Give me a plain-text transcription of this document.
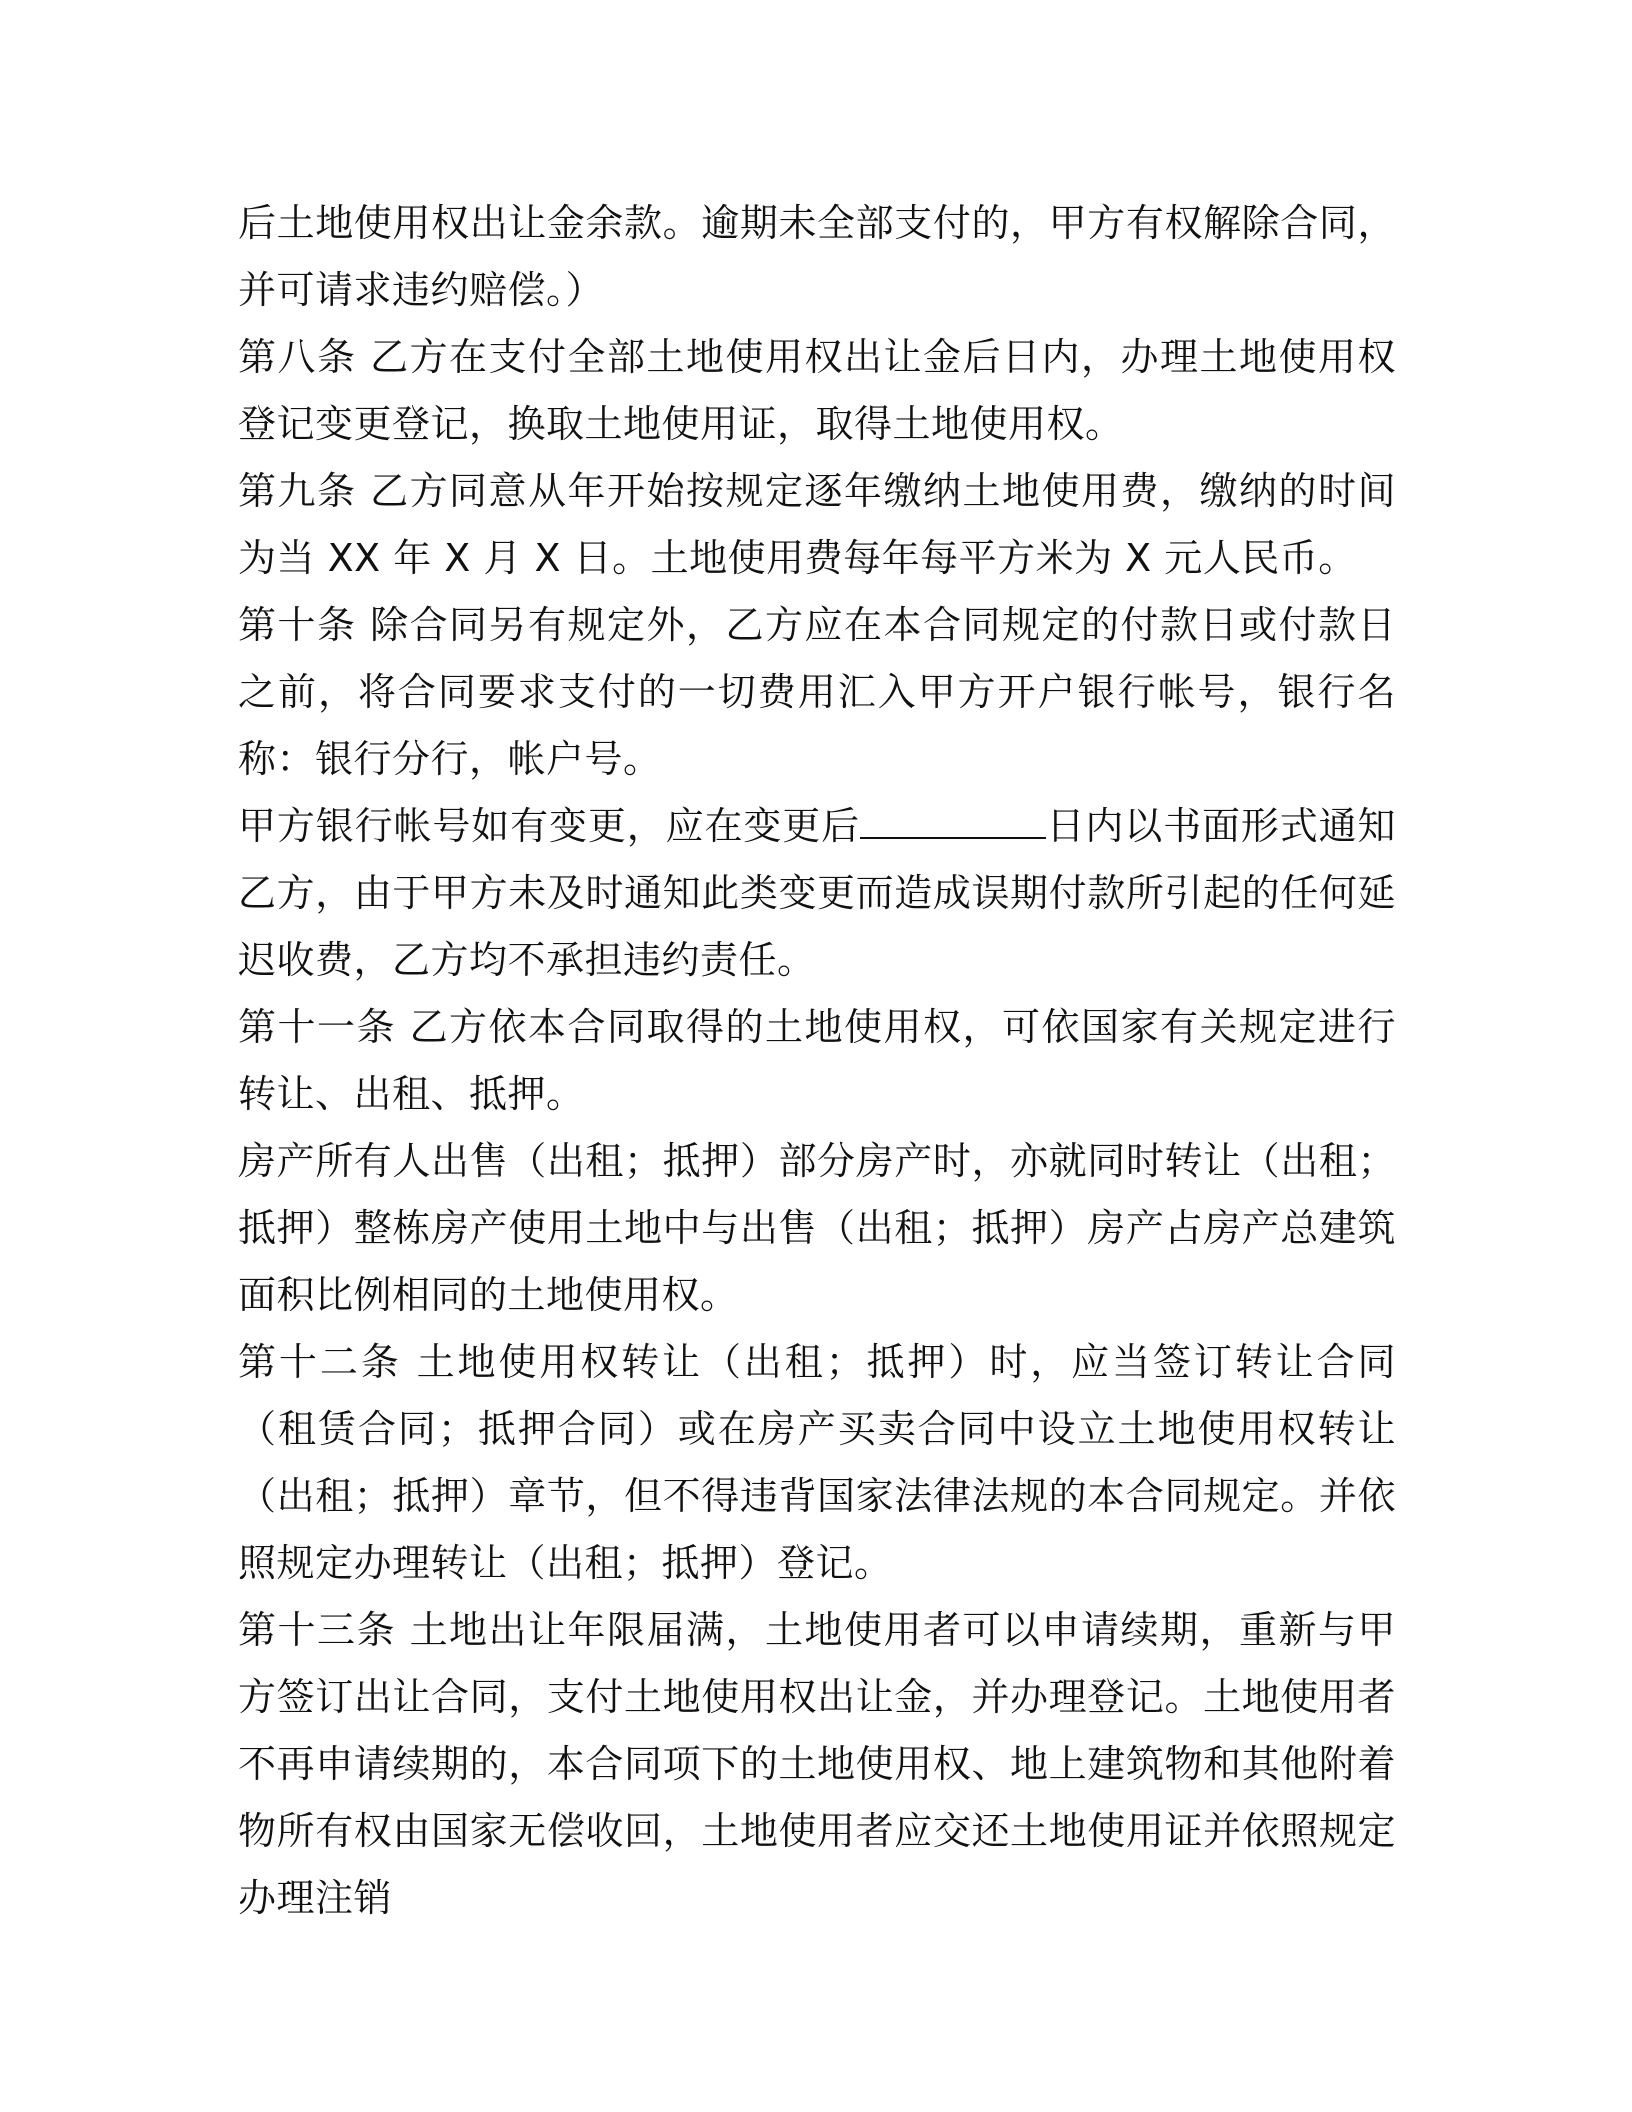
后土地使用权出让金余款。逾期未全部支付的，甲方有权解除合同，并可请求违约赔偿。）

第八条 乙方在支付全部土地使用权出让金后日内，办理土地使用权登记变更登记，换取土地使用证，取得土地使用权。

第九条 乙方同意从年开始按规定逐年缴纳土地使用费，缴纳的时间为当 XX 年 X 月 X 日。土地使用费每年每平方米为 X 元人民币。

第十条 除合同另有规定外，乙方应在本合同规定的付款日或付款日之前，将合同要求支付的一切费用汇入甲方开户银行帐号，银行名称：银行分行，帐户号。

甲方银行帐号如有变更，应在变更后	日内以书面形式通知乙方，由于甲方未及时通知此类变更而造成误期付款所引起的任何延迟收费，乙方均不承担违约责任。

第十一条 乙方依本合同取得的土地使用权，可依国家有关规定进行转让、出租、抵押。

房产所有人出售（出租；抵押）部分房产时，亦就同时转让（出租；抵押）整栋房产使用土地中与出售（出租；抵押）房产占房产总建筑面积比例相同的土地使用权。

第十二条 土地使用权转让（出租；抵押）时，应当签订转让合同（租赁合同；抵押合同）或在房产买卖合同中设立土地使用权转让（出租；抵押）章节，但不得违背国家法律法规的本合同规定。并依照规定办理转让（出租；抵押）登记。

第十三条 土地出让年限届满，土地使用者可以申请续期，重新与甲方签订出让合同，支付土地使用权出让金，并办理登记。土地使用者不再申请续期的，本合同项下的土地使用权、地上建筑物和其他附着物所有权由国家无偿收回，土地使用者应交还土地使用证并依照规定办理注销
